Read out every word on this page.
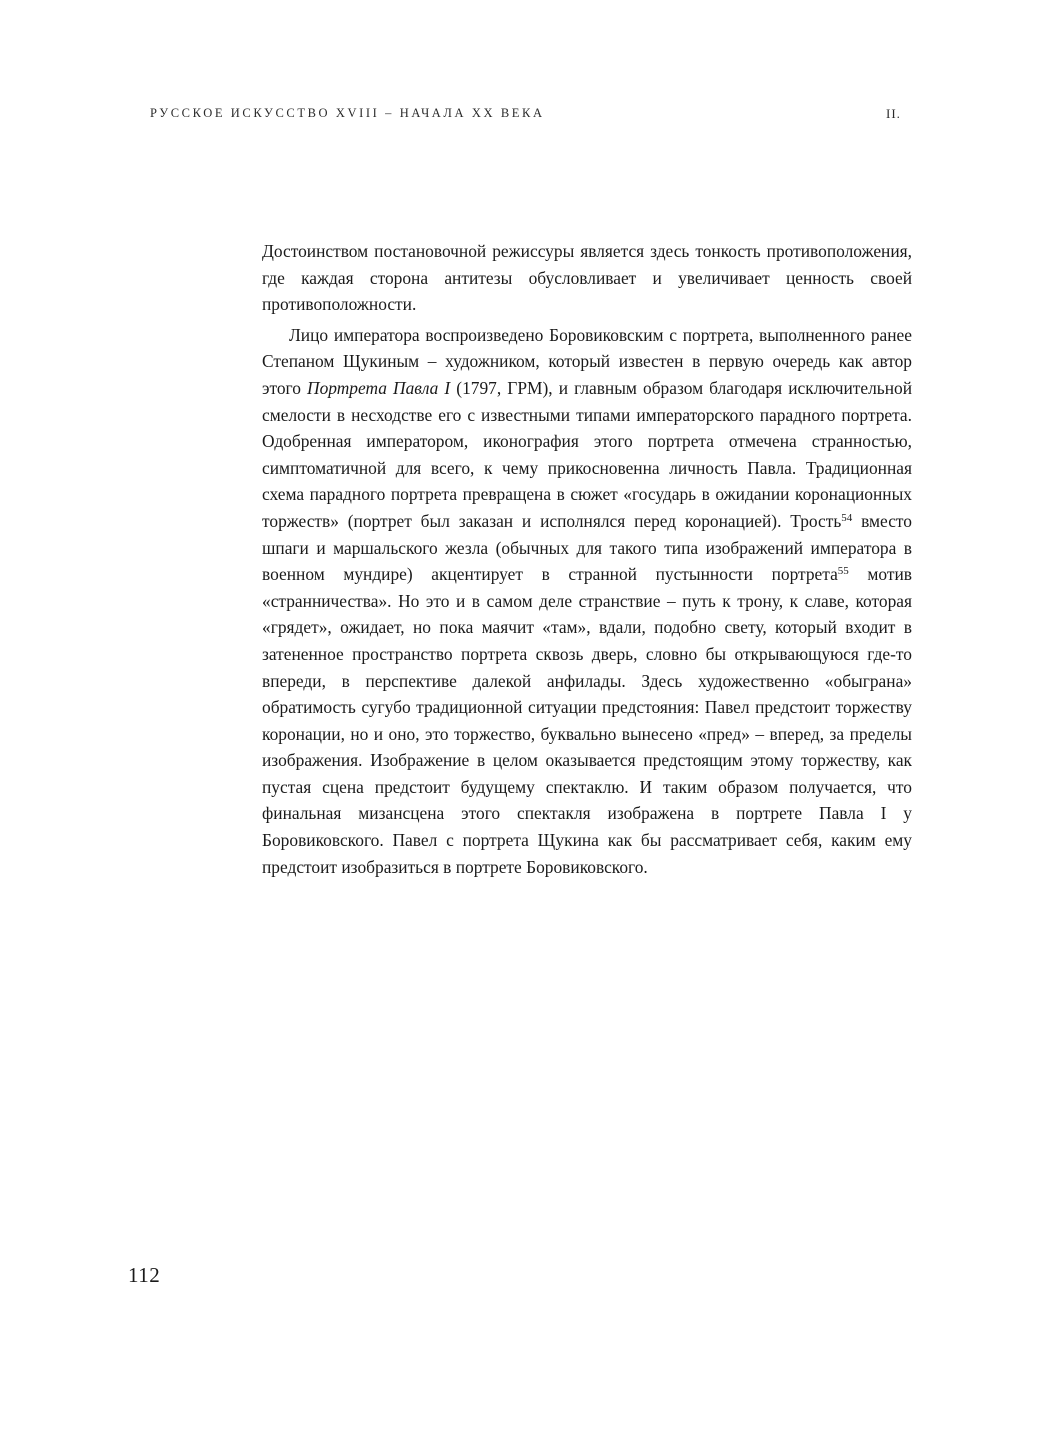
РУССКОЕ ИСКУССТВО XVIII – НАЧАЛА XX ВЕКА	II.

Достоинством постановочной режиссуры является здесь тонкость противоположения, где каждая сторона антитезы обусловливает и увеличивает ценность своей противоположности.

Лицо императора воспроизведено Боровиковским с портрета, выполненного ранее Степаном Щукиным – художником, который известен в первую очередь как автор этого Портрета Павла I (1797, ГРМ), и главным образом благодаря исключительной смелости в несходстве его с известными типами императорского парадного портрета. Одобренная императором, иконография этого портрета отмечена странностью, симптоматичной для всего, к чему прикосновенна личность Павла. Традиционная схема парадного портрета превращена в сюжет «государь в ожидании коронационных торжеств» (портрет был заказан и исполнялся перед коронацией). Трость$^{54}$ вместо шпаги и маршальского жезла (обычных для такого типа изображений императора в военном мундире) акцентирует в странной пустынности портрета$^{55}$ мотив «странничества». Но это и в самом деле странствие – путь к трону, к славе, которая «грядет», ожидает, но пока маячит «там», вдали, подобно свету, который входит в затененное пространство портрета сквозь дверь, словно бы открывающуюся где-то впереди, в перспективе далекой анфилады. Здесь художественно «обыграна» обратимость сугубо традиционной ситуации предстояния: Павел предстоит торжеству коронации, но и оно, это торжество, буквально вынесено «пред» – вперед, за пределы изображения. Изображение в целом оказывается предстоящим этому торжеству, как пустая сцена предстоит будущему спектаклю. И таким образом получается, что финальная мизансцена этого спектакля изображена в портрете Павла I у Боровиковского. Павел с портрета Щукина как бы рассматривает себя, каким ему предстоит изобразиться в портрете Боровиковского.

112
